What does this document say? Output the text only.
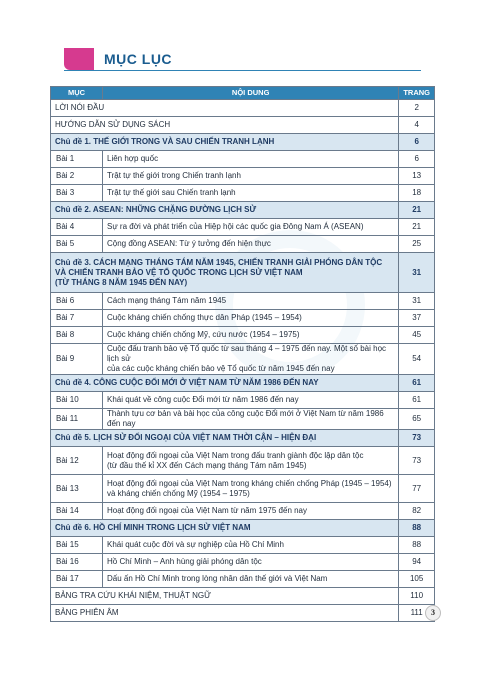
MỤC LỤC
MỤC	NỘI DUNG	TRANG
LỜI NÓI ĐẦU		2
HƯỚNG DẪN SỬ DỤNG SÁCH		4
Chủ đề 1. THẾ GIỚI TRONG VÀ SAU CHIẾN TRANH LẠNH		6
Bài 1	Liên hợp quốc	6
Bài 2	Trật tự thế giới trong Chiến tranh lạnh	13
Bài 3	Trật tự thế giới sau Chiến tranh lạnh	18
Chủ đề 2. ASEAN: NHỮNG CHẶNG ĐƯỜNG LỊCH SỬ		21
Bài 4	Sự ra đời và phát triển của Hiệp hội các quốc gia Đông Nam Á (ASEAN)	21
Bài 5	Cộng đồng ASEAN: Từ ý tưởng đến hiện thực	25

Chủ đề 3. CÁCH MẠNG THÁNG TÁM NĂM 1945, CHIẾN TRANH GIẢI PHÓNG DÂN TỘC
VÀ CHIẾN TRANH BẢO VỆ TỔ QUỐC TRONG LỊCH SỬ VIỆT NAM
(TỪ THÁNG 8 NĂM 1945 ĐẾN NAY)		31
Bài 6	Cách mạng tháng Tám năm 1945	31
Bài 7	Cuộc kháng chiến chống thực dân Pháp (1945 – 1954)	37
Bài 8	Cuộc kháng chiến chống Mỹ, cứu nước (1954 – 1975)	45
Bài 9	Cuộc đấu tranh bảo vệ Tổ quốc từ sau tháng 4 – 1975 đến nay. Một số bài học lịch sử
của các cuộc kháng chiến bảo vệ Tổ quốc từ năm 1945 đến nay	54
Chủ đề 4. CÔNG CUỘC ĐỔI MỚI Ở VIỆT NAM TỪ NĂM 1986 ĐẾN NAY		61
Bài 10	Khái quát về công cuộc Đổi mới từ năm 1986 đến nay	61
Bài 11	Thành tựu cơ bản và bài học của công cuộc Đổi mới ở Việt Nam từ năm 1986 đến nay	65
Chủ đề 5. LỊCH SỬ ĐỐI NGOẠI CỦA VIỆT NAM THỜI CẬN – HIỆN ĐẠI		73
Bài 12	Hoạt động đối ngoại của Việt Nam trong đấu tranh giành độc lập dân tộc
(từ đầu thế kỉ XX đến Cách mạng tháng Tám năm 1945)	73
Bài 13	Hoạt động đối ngoại của Việt Nam trong kháng chiến chống Pháp (1945 – 1954)
và kháng chiến chống Mỹ (1954 – 1975)	77
Bài 14	Hoạt động đối ngoại của Việt Nam từ năm 1975 đến nay	82
Chủ đề 6. HỒ CHÍ MINH TRONG LỊCH SỬ VIỆT NAM		88
Bài 15	Khái quát cuộc đời và sự nghiệp của Hồ Chí Minh	88
Bài 16	Hồ Chí Minh – Anh hùng giải phóng dân tộc	94
Bài 17	Dấu ấn Hồ Chí Minh trong lòng nhân dân thế giới và Việt Nam	105
BẢNG TRA CỨU KHÁI NIỆM, THUẬT NGỮ		110
BẢNG PHIÊN ÂM		111	3
